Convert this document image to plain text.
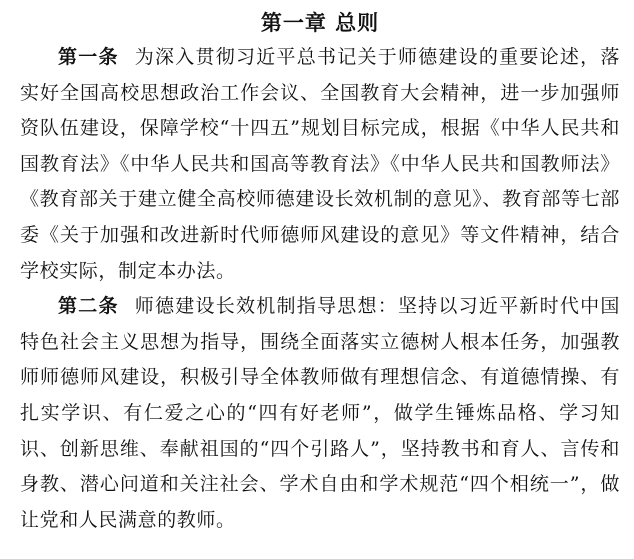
第一章 总则

第一条 为深入贯彻习近平总书记关于师德建设的重要论述，落实好全国高校思想政治工作会议、全国教育大会精神，进一步加强师资队伍建设，保障学校“十四五”规划目标完成，根据《中华人民共和国教育法》《中华人民共和国高等教育法》《中华人民共和国教师法》《教育部关于建立健全高校师德建设长效机制的意见》、教育部等七部委《关于加强和改进新时代师德师风建设的意见》等文件精神，结合学校实际，制定本办法。

第二条 师德建设长效机制指导思想：坚持以习近平新时代中国特色社会主义思想为指导，围绕全面落实立德树人根本任务，加强教师师德师风建设，积极引导全体教师做有理想信念、有道德情操、有扎实学识、有仁爱之心的“四有好老师”，做学生锤炼品格、学习知识、创新思维、奉献祖国的“四个引路人”，坚持教书和育人、言传和身教、潜心问道和关注社会、学术自由和学术规范“四个相统一”，做让党和人民满意的教师。
